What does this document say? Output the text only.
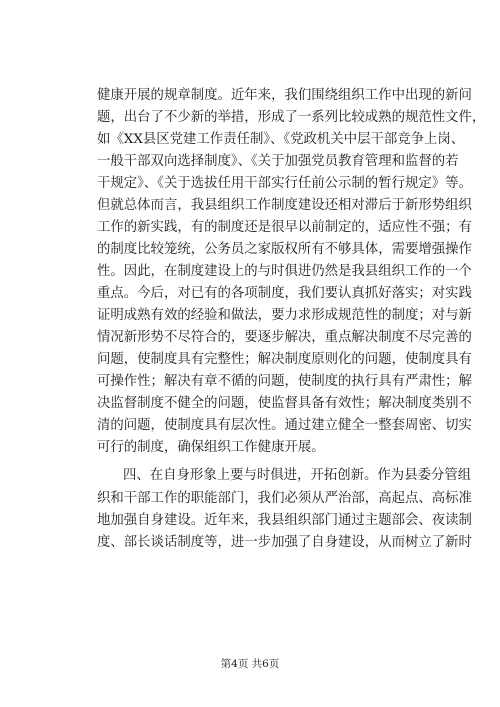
健康开展的规章制度。近年来，我们围绕组织工作中出现的新问
题，出台了不少新的举措，形成了一系列比较成熟的规范性文件，
如《XX县区党建工作责任制》、《党政机关中层干部竞争上岗、
一般干部双向选择制度》、《关于加强党员教育管理和监督的若
干规定》、《关于选拔任用干部实行任前公示制的暂行规定》等。
但就总体而言，我县组织工作制度建设还相对滞后于新形势组织
工作的新实践，有的制度还是很早以前制定的，适应性不强；有
的制度比较笼统，公务员之家版权所有不够具体，需要增强操作
性。因此，在制度建设上的与时俱进仍然是我县组织工作的一个
重点。今后，对已有的各项制度，我们要认真抓好落实；对实践
证明成熟有效的经验和做法，要力求形成规范性的制度；对与新
情况新形势不尽符合的，要逐步解决，重点解决制度不尽完善的
问题，使制度具有完整性；解决制度原则化的问题，使制度具有
可操作性；解决有章不循的问题，使制度的执行具有严肃性；解
决监督制度不健全的问题，使监督具备有效性；解决制度类别不
清的问题，使制度具有层次性。通过建立健全一整套周密、切实
可行的制度，确保组织工作健康开展。
四、在自身形象上要与时俱进，开拓创新。作为县委分管组
织和干部工作的职能部门，我们必须从严治部，高起点、高标准
地加强自身建设。近年来，我县组织部门通过主题部会、夜读制
度、部长谈话制度等，进一步加强了自身建设，从而树立了新时
第4页 共6页
